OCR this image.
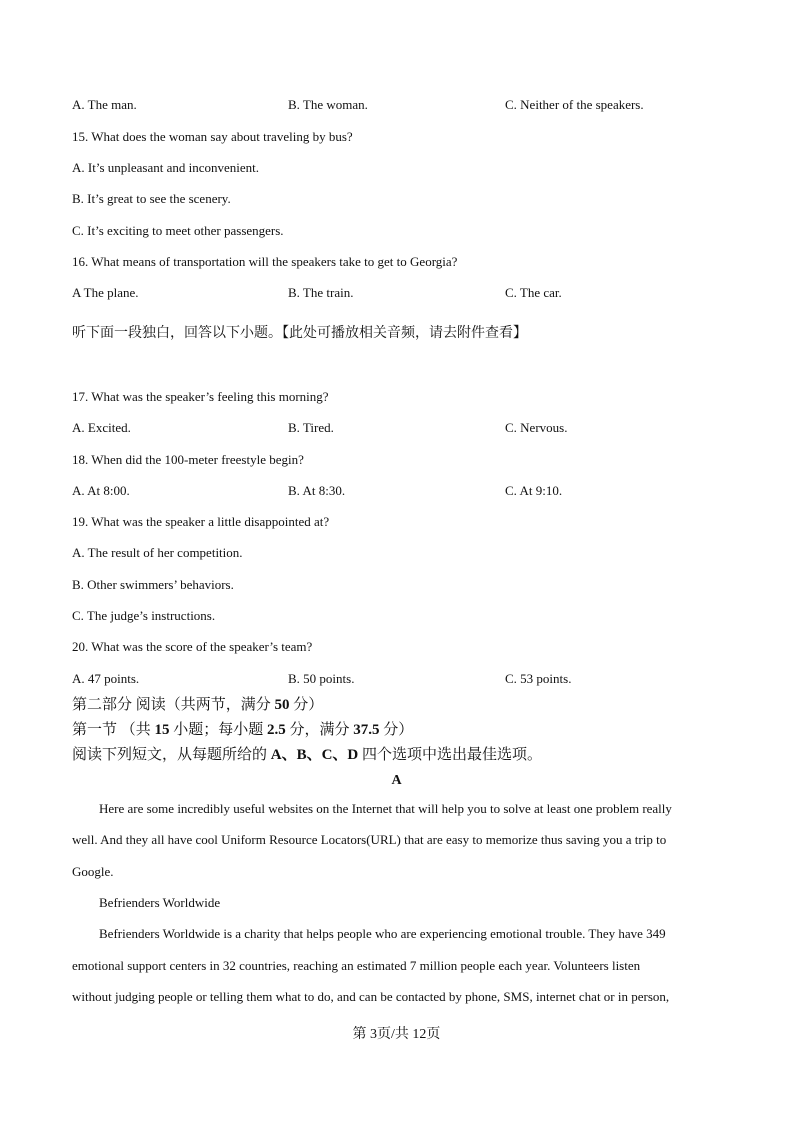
A. The man.	B. The woman.	C. Neither of the speakers.
15. What does the woman say about traveling by bus?
A. It’s unpleasant and inconvenient.
B. It’s great to see the scenery.
C. It’s exciting to meet other passengers.
16. What means of transportation will the speakers take to get to Georgia?
A The plane.	B. The train.	C. The car.
听下面一段独白，回答以下小题。【此处可播放相关音频，请去附件查看】
17. What was the speaker’s feeling this morning?
A. Excited.	B. Tired.	C. Nervous.
18. When did the 100-meter freestyle begin?
A. At 8:00.	B. At 8:30.	C. At 9:10.
19. What was the speaker a little disappointed at?
A. The result of her competition.
B. Other swimmers’ behaviors.
C. The judge’s instructions.
20. What was the score of the speaker’s team?
A. 47 points.	B. 50 points.	C. 53 points.
第二部分 阅读（共两节，满分 50 分）
第一节 （共 15 小题；每小题 2.5 分，满分 37.5 分）
阅读下列短文，从每题所给的 A、B、C、D 四个选项中选出最佳选项。
A
Here are some incredibly useful websites on the Internet that will help you to solve at least one problem really
well. And they all have cool Uniform Resource Locators(URL) that are easy to memorize thus saving you a trip to
Google.
Befrienders Worldwide
Befrienders Worldwide is a charity that helps people who are experiencing emotional trouble. They have 349
emotional support centers in 32 countries, reaching an estimated 7 million people each year. Volunteers listen
without judging people or telling them what to do, and can be contacted by phone, SMS, internet chat or in person,
第 3页/共 12页
